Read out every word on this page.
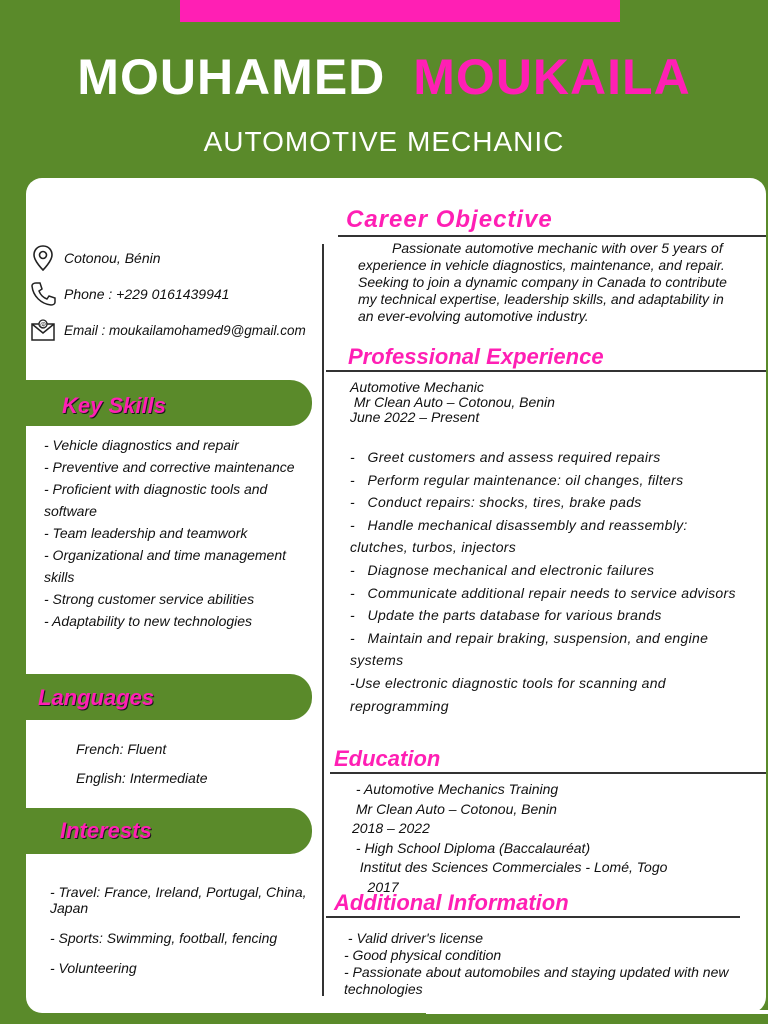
MOUHAMED MOUKAILA
AUTOMOTIVE MECHANIC
Cotonou, Bénin
Phone : +229 0161439941
@ Email : moukailamohamed9@gmail.com
Key Skills
- Vehicle diagnostics and repair
- Preventive and corrective maintenance
- Proficient with diagnostic tools and software
- Team leadership and teamwork
- Organizational and time management skills
- Strong customer service abilities
- Adaptability to new technologies
Languages
French: Fluent
English: Intermediate
Interests
- Travel: France, Ireland, Portugal, China, Japan
- Sports: Swimming, football, fencing
- Volunteering
Career Objective
Passionate automotive mechanic with over 5 years of experience in vehicle diagnostics, maintenance, and repair. Seeking to join a dynamic company in Canada to contribute my technical expertise, leadership skills, and adaptability in an ever-evolving automotive industry.
Professional Experience
Automotive Mechanic
Mr Clean Auto – Cotonou, Benin
June 2022 – Present
-   Greet customers and assess required repairs
-   Perform regular maintenance: oil changes, filters
-   Conduct repairs: shocks, tires, brake pads
-   Handle mechanical disassembly and reassembly: clutches, turbos, injectors
-   Diagnose mechanical and electronic failures
-   Communicate additional repair needs to service advisors
-   Update the parts database for various brands
-   Maintain and repair braking, suspension, and engine systems
-Use electronic diagnostic tools for scanning and reprogramming
Education
- Automotive Mechanics Training
Mr Clean Auto – Cotonou, Benin
2018 – 2022
- High School Diploma (Baccalauréat)
Institut des Sciences Commerciales - Lomé, Togo
2017
Additional Information
- Valid driver's license
- Good physical condition
- Passionate about automobiles and staying updated with new technologies
